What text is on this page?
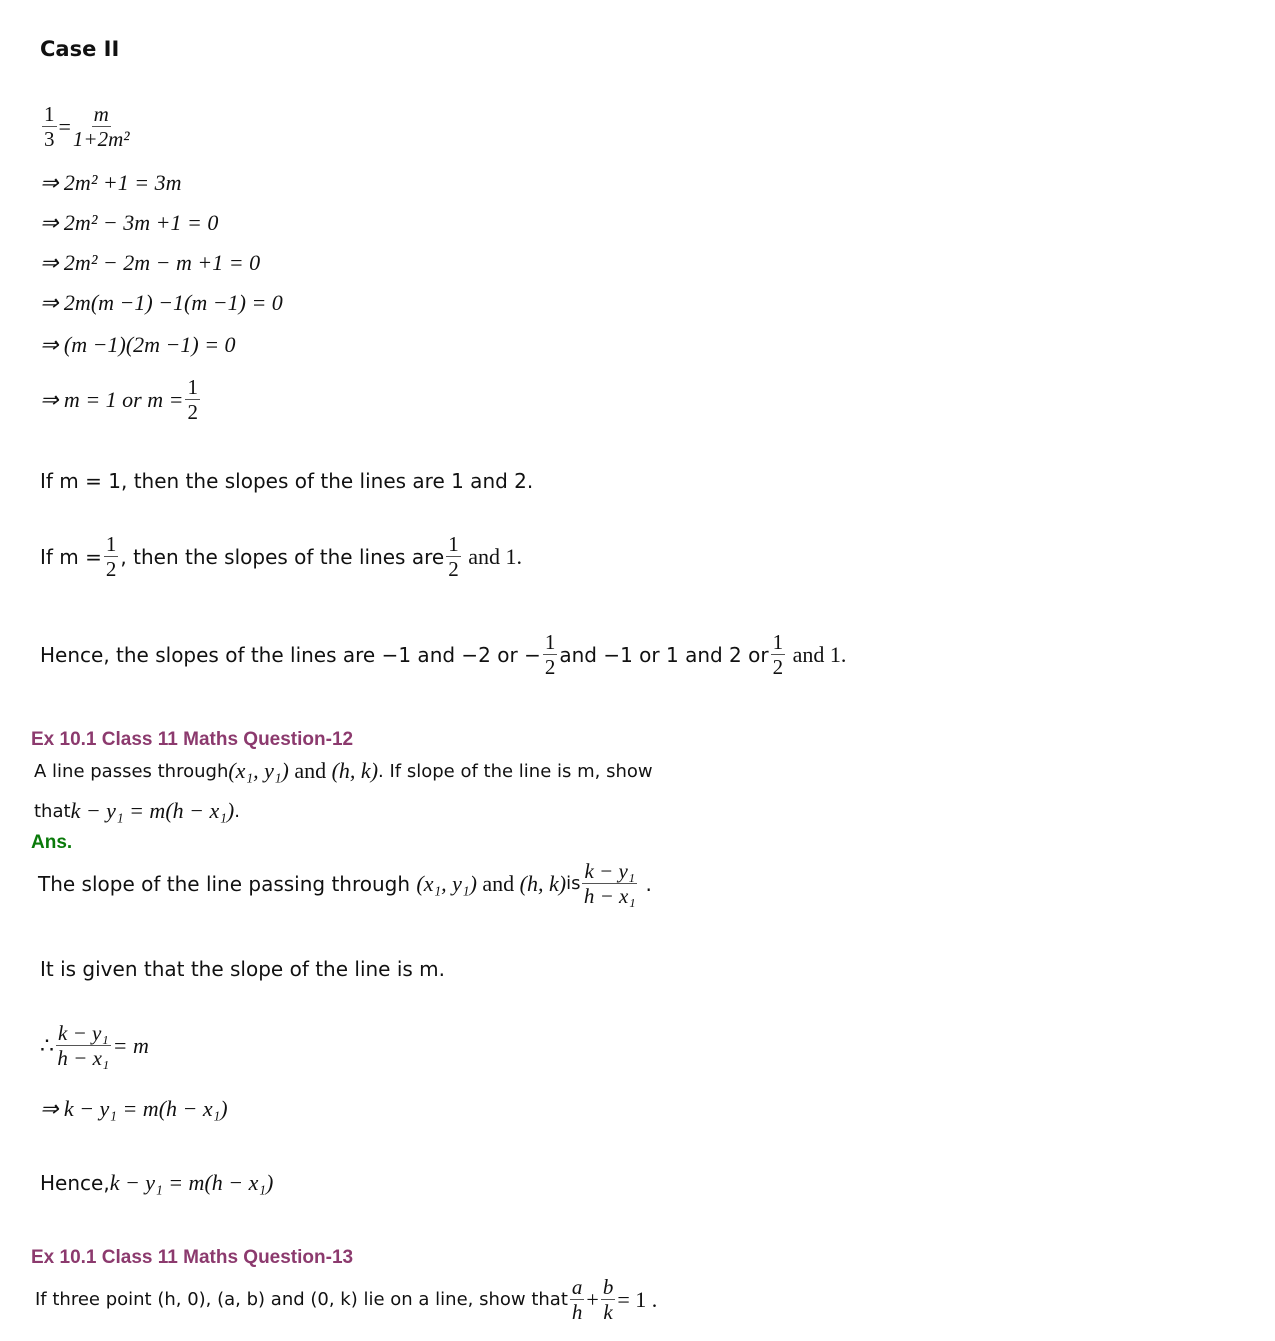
Case II
$\frac{1}{3} = \frac{m}{\text{1+2m²}}$
⇒ 2m² +1 = 3m
⇒ 2m² − 3m +1 = 0
⇒ 2m² − 2m − m +1 = 0
⇒ 2m(m −1) −1(m −1) = 0
⇒ (m −1)(2m −1) = 0
⇒ m = 1 or $m = \frac{1}{2}$
If m = 1, then the slopes of the lines are 1 and 2.
If $m = \frac{1}{2}$ , then the slopes of the lines are $\frac{1}{2}$ and 1.
Hence, the slopes of the lines are −1 and −2 or − $\frac{1}{2}$ and −1 or 1 and 2 or $\frac{1}{2}$ and 1.
Ex 10.1 Class 11 Maths Question-12
A line passes through (x₁, y₁) and (h, k) . If slope of the line is m, show
that k − y₁ = m(h − x₁) .
Ans.
The slope of the line passing through (x₁, y₁) and (h, k) is $\frac{\text{k − y₁}}{\text{h − x₁}}$ .
It is given that the slope of the line is m.
∴ $\frac{\text{k − y₁}}{\text{h − x₁}} = m$
⇒ k − y₁ = m(h − x₁)
Hence, k − y₁ = m(h − x₁)
Ex 10.1 Class 11 Maths Question-13
If three point (h, 0), (a, b) and (0, k) lie on a line, show that $\frac{a}{h} + \frac{b}{k} = 1$ .
